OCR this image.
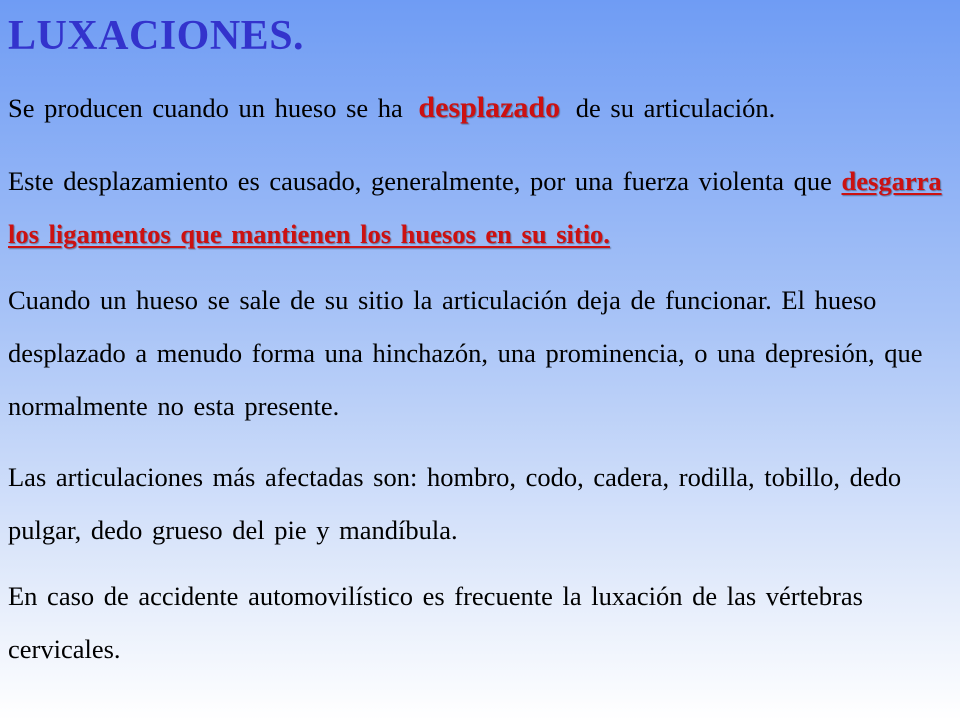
LUXACIONES.

Se producen cuando un hueso se ha desplazado de su articulación.

Este desplazamiento es causado, generalmente, por una fuerza violenta que desgarra los ligamentos que mantienen los huesos en su sitio.

Cuando un hueso se sale de su sitio la articulación deja de funcionar. El hueso desplazado a menudo forma una hinchazón, una prominencia, o una depresión, que normalmente no esta presente.

Las articulaciones más afectadas son: hombro, codo, cadera, rodilla, tobillo, dedo pulgar, dedo grueso del pie y mandíbula.

En caso de accidente automovilístico es frecuente la luxación de las vértebras cervicales.
